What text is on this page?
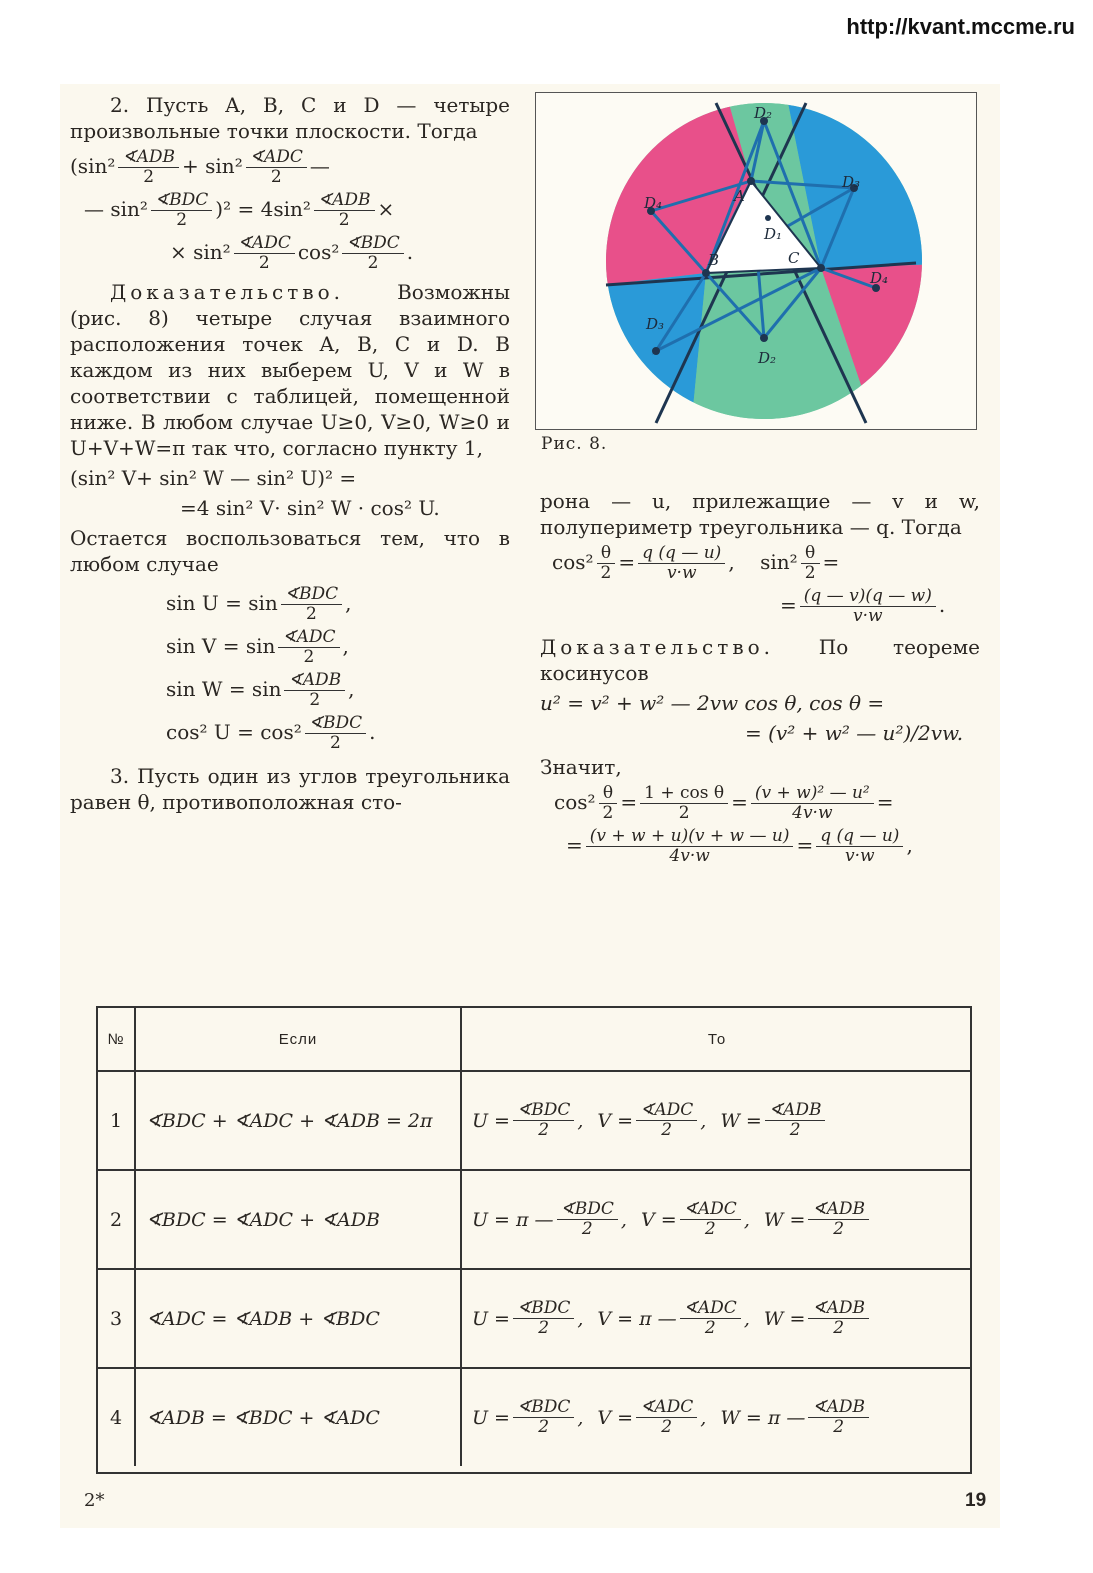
http://kvant.mccme.ru

2. Пусть A, B, C и D — четыре произвольные точки плоскости. Тогда

($\sin^2 \frac{\text{∢ADB}}{2} + \sin^2 \frac{\text{∢ADC}}{2}$ —
— $\sin^2 \frac{\text{∢BDC}}{2} )^2 = 4\sin^2 \frac{\text{∢ADB}}{2}$ ×
× $\sin^2 \frac{\text{∢ADC}}{2} \cos^2 \frac{\text{∢BDC}}{2}$ .

Доказательство.	Возможны (рис. 8) четыре случая взаимного расположения точек A, B, C и D. В каждом из них выберем U, V и W в соответствии с таблицей, помещенной ниже. В любом случае U≥0, V≥0, W≥0 и U+V+W=π так что, согласно пункту 1,

(sin² V+ sin² W — sin² U)² =
=4 sin² V· sin² W · cos² U.

Остается воспользоваться тем, что в любом случае

$\sin U = \sin \frac{\text{∢BDC}}{2}$ ,
$\sin V = \sin \frac{\text{∢ADC}}{2}$ ,
$\sin W = \sin \frac{\text{∢ADB}}{2}$ ,
cos² $U = \cos^2 \frac{\text{∢BDC}}{2}$ .

3. Пусть один из углов треугольника равен θ, противоположная сто-

D₂
D₃
D₄
D₄
D₃
D₂
A
B	C
D₁
Рис. 8.

рона — u, прилежащие — v и w, полупериметр треугольника — q. Тогда

$\cos^2 \frac{\theta}{2} = \frac{q (q — u)}{v\cdot w}$ , $\sin^2 \frac{\theta}{2}$ =
= $\frac{(q — v)(q — w)}{v\cdot w}$ .

Доказательство. По теореме косинусов

u² = v² + w² — 2vw cos θ, cos θ =
= (v² + w² — u²)/2vw.

Значит,

$\cos^2 \frac{\theta}{2} = \frac{\text{1 + cos θ}}{2} = \frac{\text{(v + w)² — u²}}{4v\cdot w}$ =
= $\frac{(v + w + u)(v + w — u)}{4v\cdot w} = \frac{q (q — u)}{v\cdot w}$ ,
№	Если	То
1	∢BDC + ∢ADC + ∢ADB = 2π	$U = \frac{\text{∢BDC}}{2}$ , $V = \frac{\text{∢ADC}}{2}$ , $W = \frac{\text{∢ADB}}{2}$
2	∢BDC = ∢ADC + ∢ADB	U = π — $\frac{\text{∢BDC}}{2}$ , $V = \frac{\text{∢ADC}}{2}$ , $W = \frac{\text{∢ADB}}{2}$
3	∢ADC = ∢ADB + ∢BDC	$U = \frac{\text{∢BDC}}{2}$ , V = π — $\frac{\text{∢ADC}}{2}$ , $W = \frac{\text{∢ADB}}{2}$
4	∢ADB = ∢BDC + ∢ADC	$U = \frac{\text{∢BDC}}{2}$ , $V = \frac{\text{∢ADC}}{2}$ , W = π — $\frac{\text{∢ADB}}{2}$
2*	19
